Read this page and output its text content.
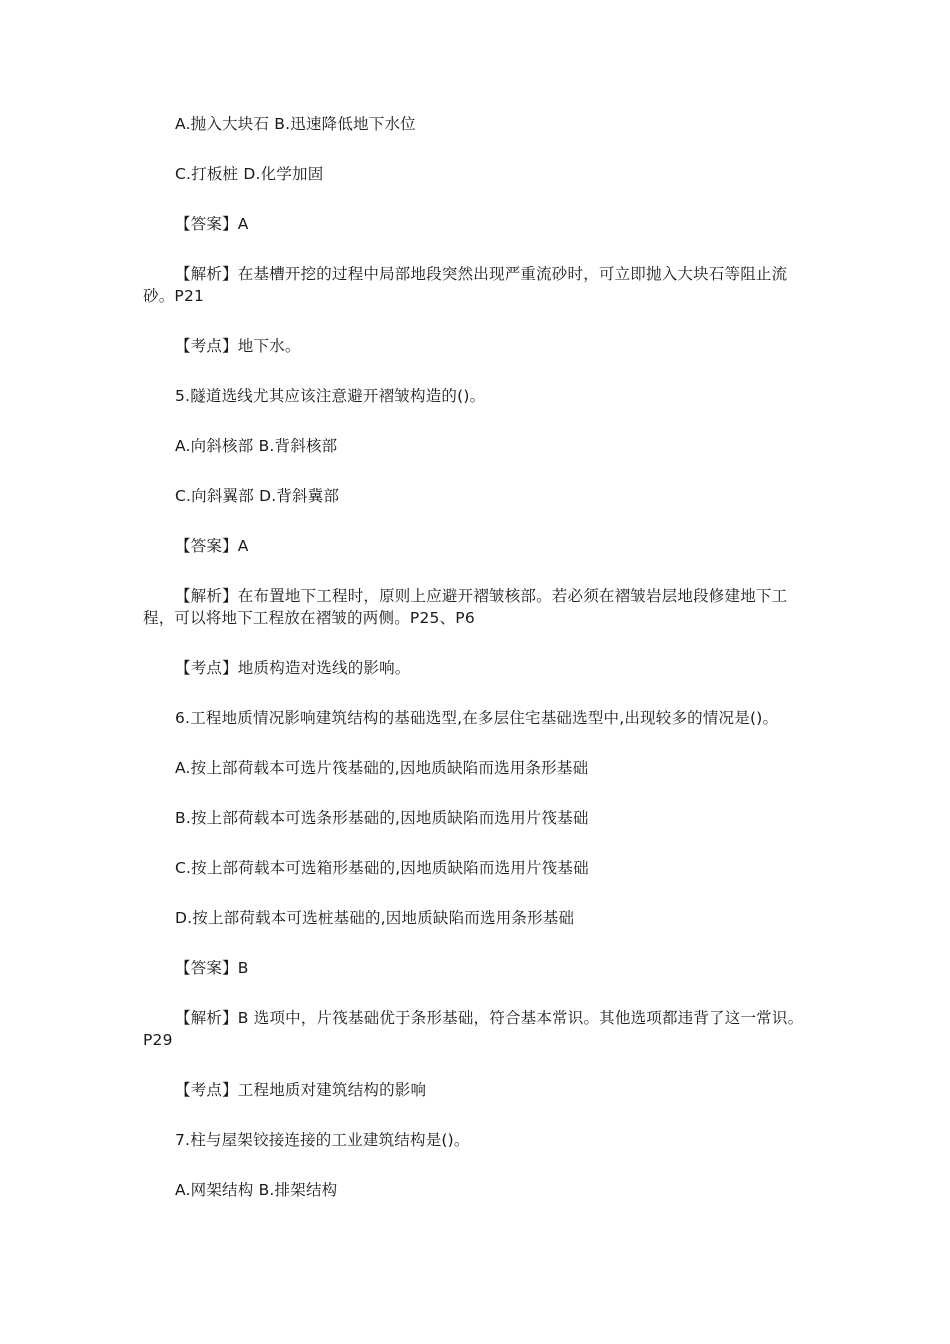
A.抛入大块石 B.迅速降低地下水位

C.打板桩 D.化学加固

【答案】A

【解析】在基槽开挖的过程中局部地段突然出现严重流砂时，可立即抛入大块石等阻止流砂。P21

【考点】地下水。

5.隧道选线尤其应该注意避开褶皱构造的()。

A.向斜核部 B.背斜核部

C.向斜翼部 D.背斜冀部

【答案】A

【解析】在布置地下工程时，原则上应避开褶皱核部。若必须在褶皱岩层地段修建地下工程，可以将地下工程放在褶皱的两侧。P25、P6

【考点】地质构造对选线的影响。

6.工程地质情况影响建筑结构的基础选型,在多层住宅基础选型中,出现较多的情况是()。

A.按上部荷载本可选片筏基础的,因地质缺陷而选用条形基础

B.按上部荷载本可选条形基础的,因地质缺陷而选用片筏基础

C.按上部荷载本可选箱形基础的,因地质缺陷而选用片筏基础

D.按上部荷载本可选桩基础的,因地质缺陷而选用条形基础

【答案】B

【解析】B 选项中，片筏基础优于条形基础，符合基本常识。其他选项都违背了这一常识。P29

【考点】工程地质对建筑结构的影响

7.柱与屋架铰接连接的工业建筑结构是()。

A.网架结构 B.排架结构
